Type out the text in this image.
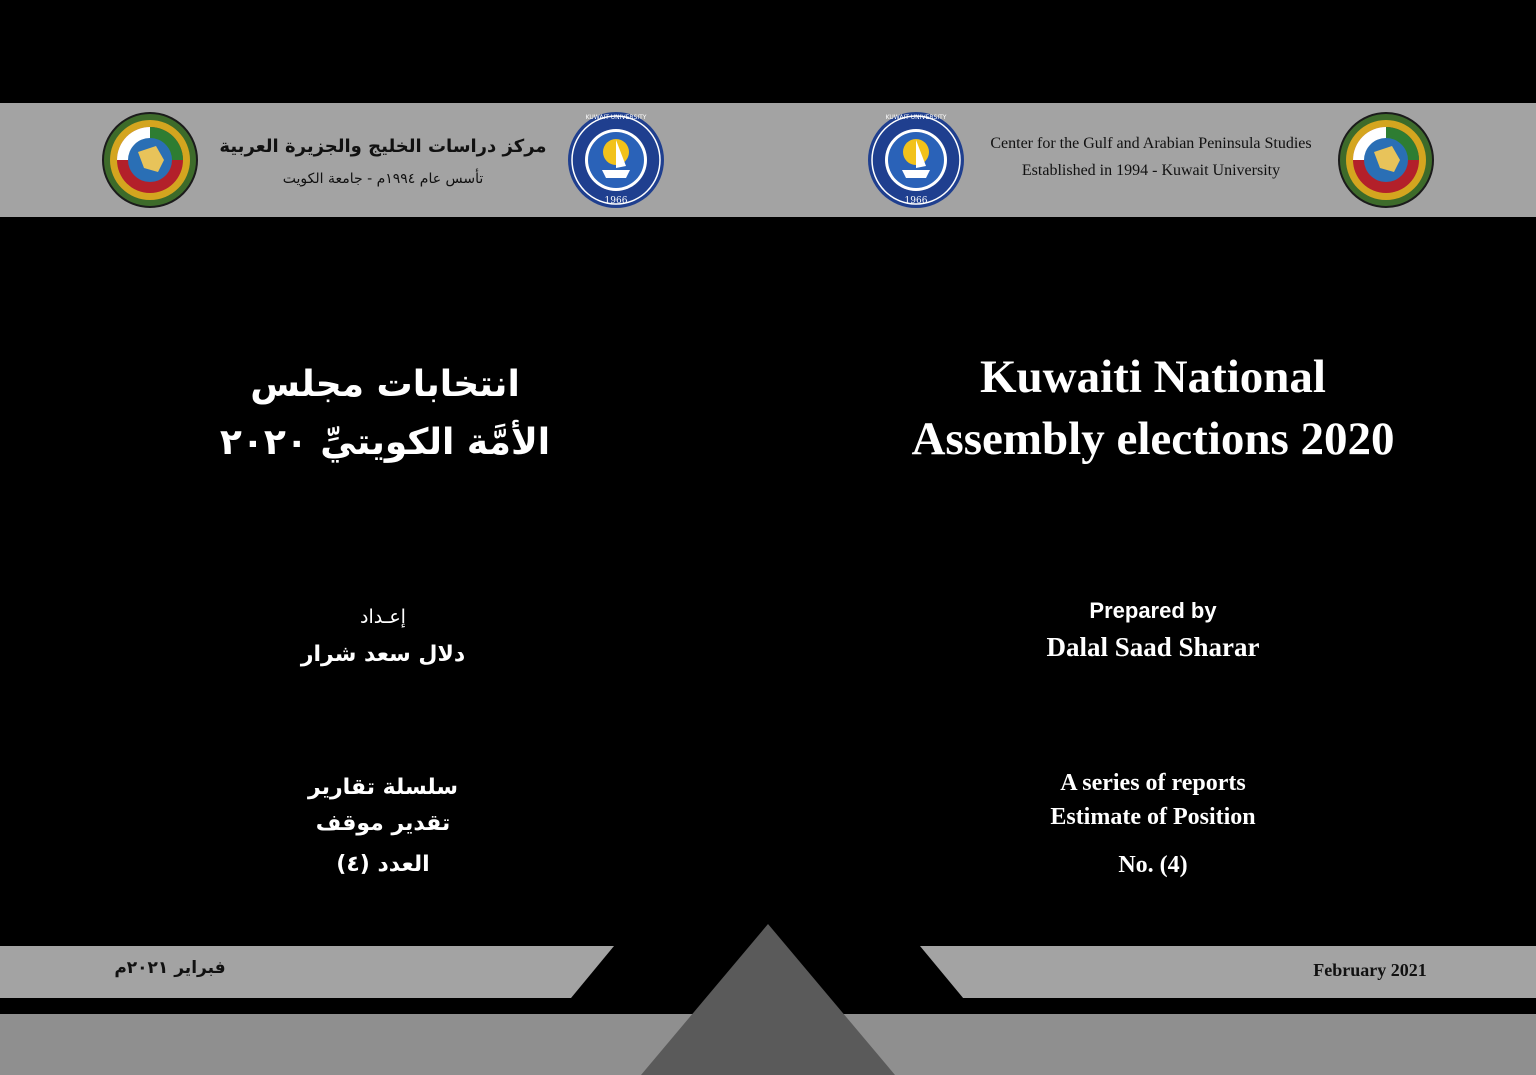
KUWAIT UNIVERSITY
1966
KUWAIT UNIVERSITY
1966
مركز دراسات الخليج والجزيرة العربية
تأسس عام ١٩٩٤م - جامعة الكويت
Center for the Gulf and Arabian Peninsula Studies
Established in 1994 - Kuwait University
انتخابات مجلس
الأمَّة الكويتيِّ ٢٠٢٠
Kuwaiti National
Assembly elections 2020
إعـداد
دلال سعد شرار
Prepared by
Dalal Saad Sharar
سلسلة تقارير
تقدير موقف
العدد (٤)
A series of reports
Estimate of Position
No. (4)
فبراير ٢٠٢١م	February 2021
